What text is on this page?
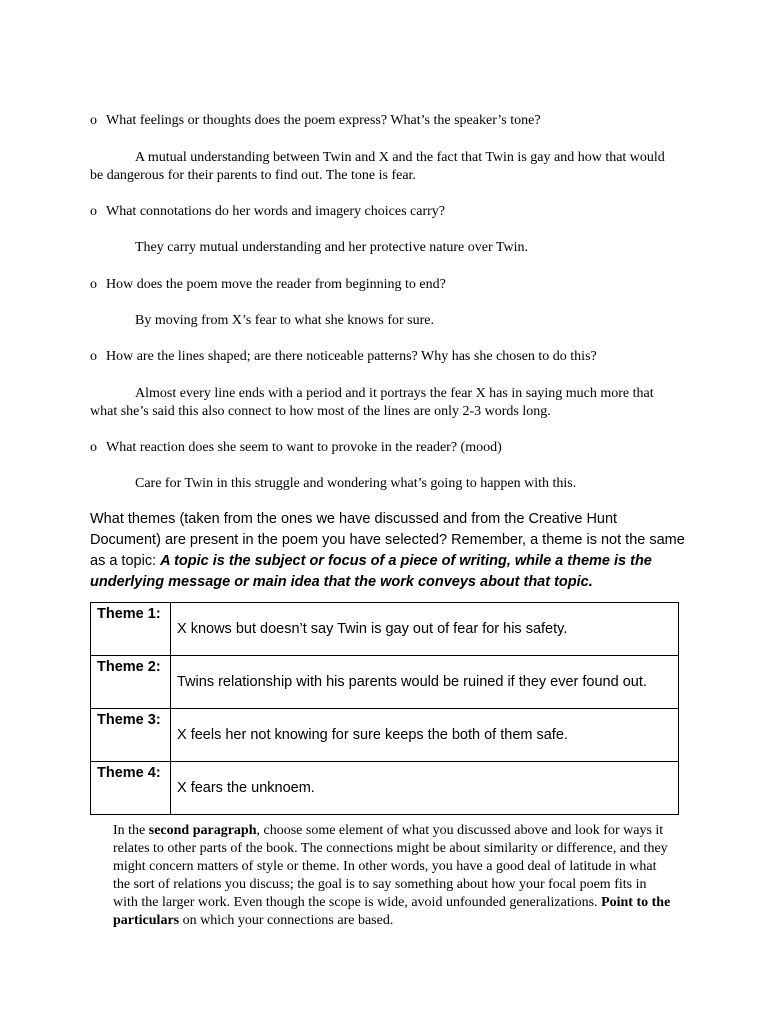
o What feelings or thoughts does the poem express? What’s the speaker’s tone?

A mutual understanding between Twin and X and the fact that Twin is gay and how that would be dangerous for their parents to find out. The tone is fear.

o What connotations do her words and imagery choices carry?

They carry mutual understanding and her protective nature over Twin.

o How does the poem move the reader from beginning to end?

By moving from X’s fear to what she knows for sure.

o How are the lines shaped; are there noticeable patterns? Why has she chosen to do this?

Almost every line ends with a period and it portrays the fear X has in saying much more that what she’s said this also connect to how most of the lines are only 2-3 words long.

o What reaction does she seem to want to provoke in the reader? (mood)

Care for Twin in this struggle and wondering what’s going to happen with this.

What themes (taken from the ones we have discussed and from the Creative Hunt Document) are present in the poem you have selected? Remember, a theme is not the same as a topic: A topic is the subject or focus of a piece of writing, while a theme is the underlying message or main idea that the work conveys about that topic.
Theme 1:	X knows but doesn’t say Twin is gay out of fear for his safety.
Theme 2:	Twins relationship with his parents would be ruined if they ever found out.
Theme 3:	X feels her not knowing for sure keeps the both of them safe.
Theme 4:	X fears the unknoem.

In the second paragraph, choose some element of what you discussed above and look for ways it relates to other parts of the book. The connections might be about similarity or difference, and they might concern matters of style or theme. In other words, you have a good deal of latitude in what the sort of relations you discuss; the goal is to say something about how your focal poem fits in with the larger work. Even though the scope is wide, avoid unfounded generalizations. Point to the particulars on which your connections are based.
